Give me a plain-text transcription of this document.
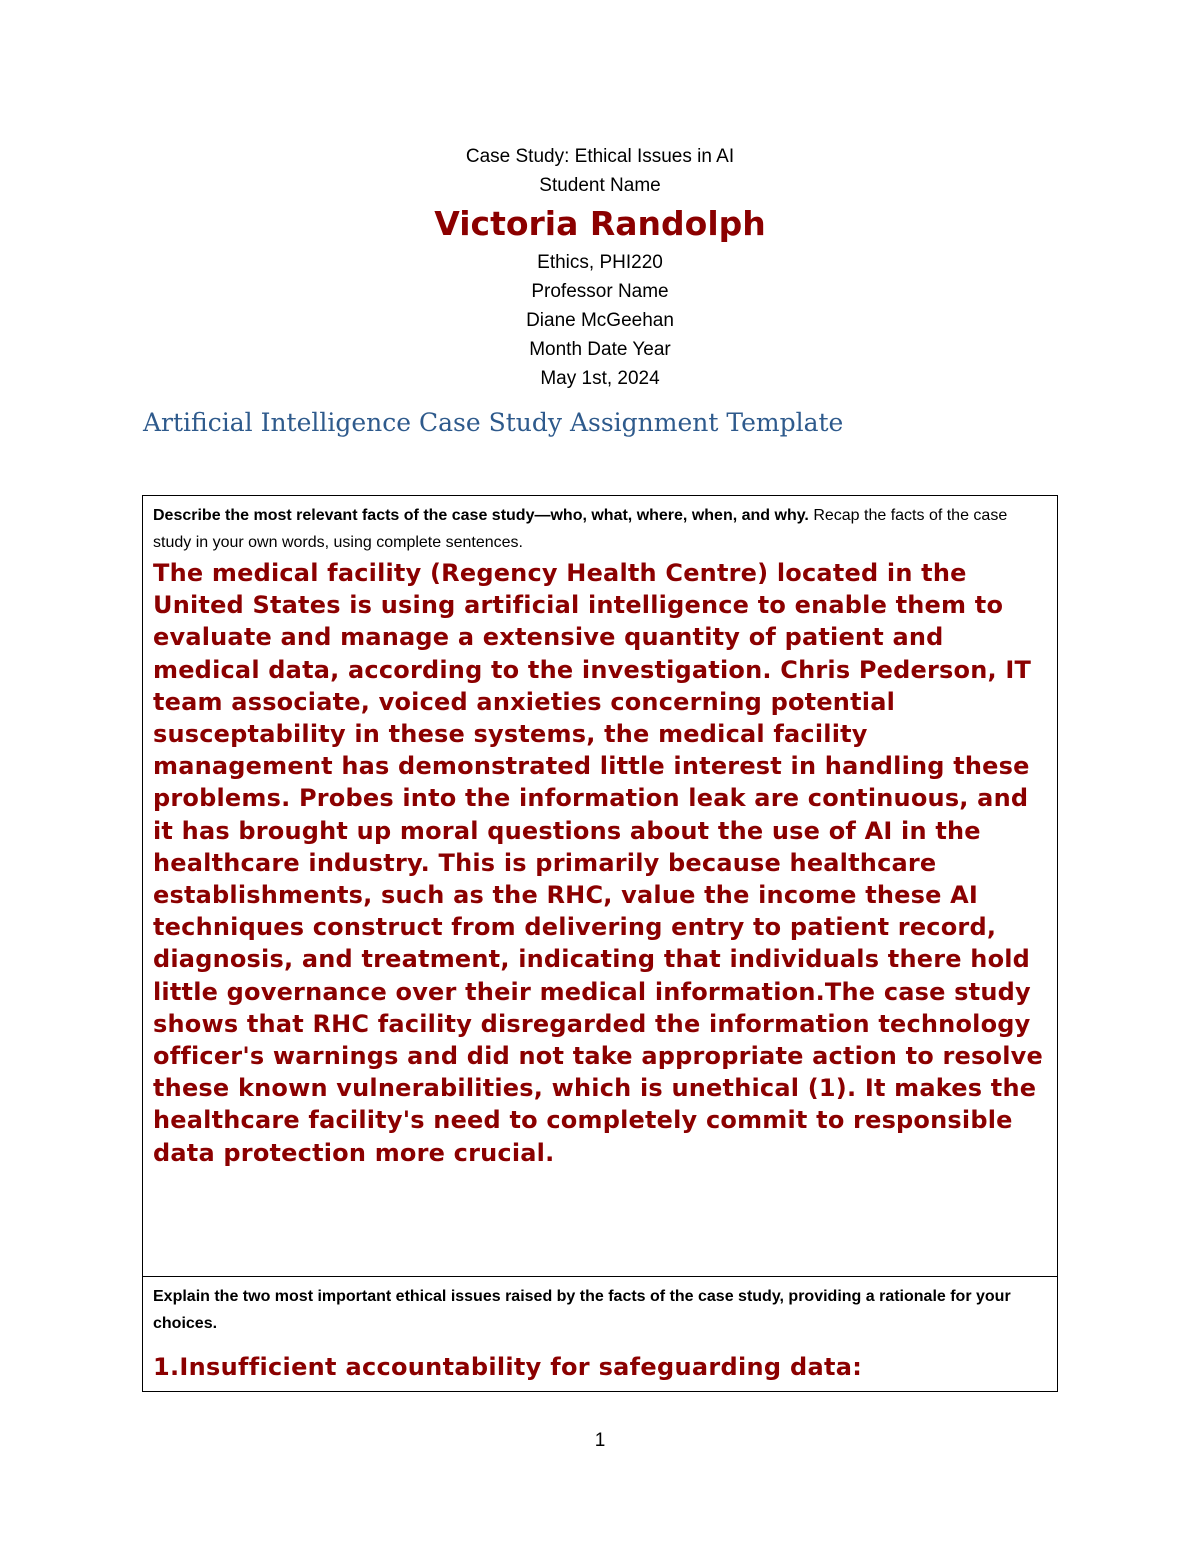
Case Study: Ethical Issues in AI
Student Name
Victoria Randolph
Ethics, PHI220
Professor Name
Diane McGeehan
Month Date Year
May 1st, 2024
Artificial Intelligence Case Study Assignment Template
Describe the most relevant facts of the case study—who, what, where, when, and why. Recap the facts of the case study in your own words, using complete sentences.
The medical facility (Regency Health Centre) located in the United States is using artificial intelligence to enable them to evaluate and manage a extensive quantity of patient and medical data, according to the investigation. Chris Pederson, IT team associate, voiced anxieties concerning potential susceptability in these systems, the medical facility management has demonstrated little interest in handling these problems. Probes into the information leak are continuous, and it has brought up moral questions about the use of AI in the healthcare industry. This is primarily because healthcare establishments, such as the RHC, value the income these AI techniques construct from delivering entry to patient record, diagnosis, and treatment, indicating that individuals there hold little governance over their medical information.The case study shows that RHC facility disregarded the information technology officer's warnings and did not take appropriate action to resolve these known vulnerabilities, which is unethical (1). It makes the healthcare facility's need to completely commit to responsible data protection more crucial.
Explain the two most important ethical issues raised by the facts of the case study, providing a rationale for your choices.
1.Insufficient accountability for safeguarding data:
1
